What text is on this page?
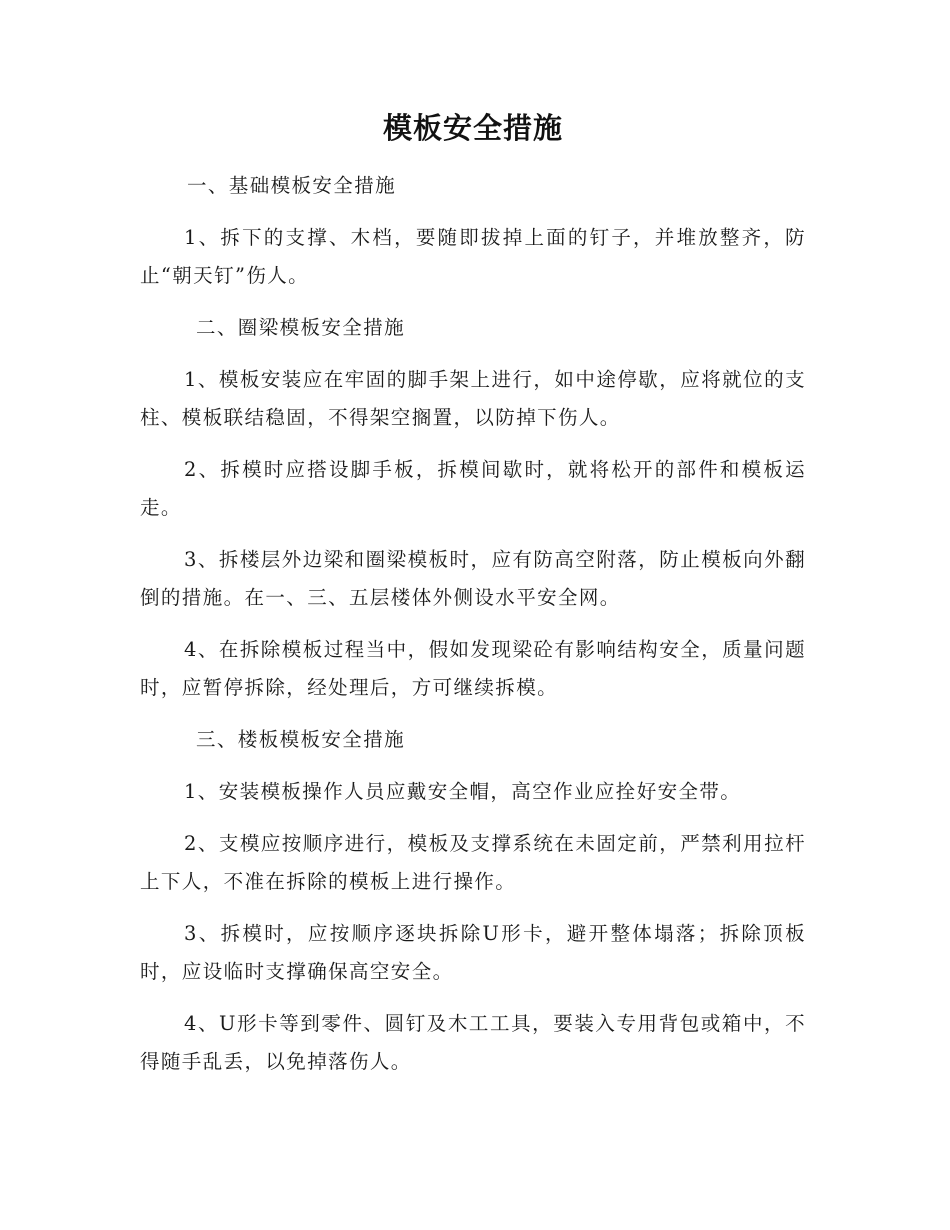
模板安全措施
一、基础模板安全措施

1、拆下的支撑、木档，要随即拔掉上面的钉子，并堆放整齐，防止“朝天钉”伤人。

二、圈梁模板安全措施

1、模板安装应在牢固的脚手架上进行，如中途停歇，应将就位的支柱、模板联结稳固，不得架空搁置，以防掉下伤人。

2、拆模时应搭设脚手板，拆模间歇时，就将松开的部件和模板运走。

3、拆楼层外边梁和圈梁模板时，应有防高空附落，防止模板向外翻倒的措施。在一、三、五层楼体外侧设水平安全网。

4、在拆除模板过程当中，假如发现梁砼有影响结构安全，质量问题时，应暂停拆除，经处理后，方可继续拆模。

三、楼板模板安全措施

1、安装模板操作人员应戴安全帽，高空作业应拴好安全带。

2、支模应按顺序进行，模板及支撑系统在未固定前，严禁利用拉杆上下人，不准在拆除的模板上进行操作。

3、拆模时，应按顺序逐块拆除U形卡，避开整体塌落；拆除顶板时，应设临时支撑确保高空安全。

4、U形卡等到零件、圆钉及木工工具，要装入专用背包或箱中，不得随手乱丢，以免掉落伤人。
